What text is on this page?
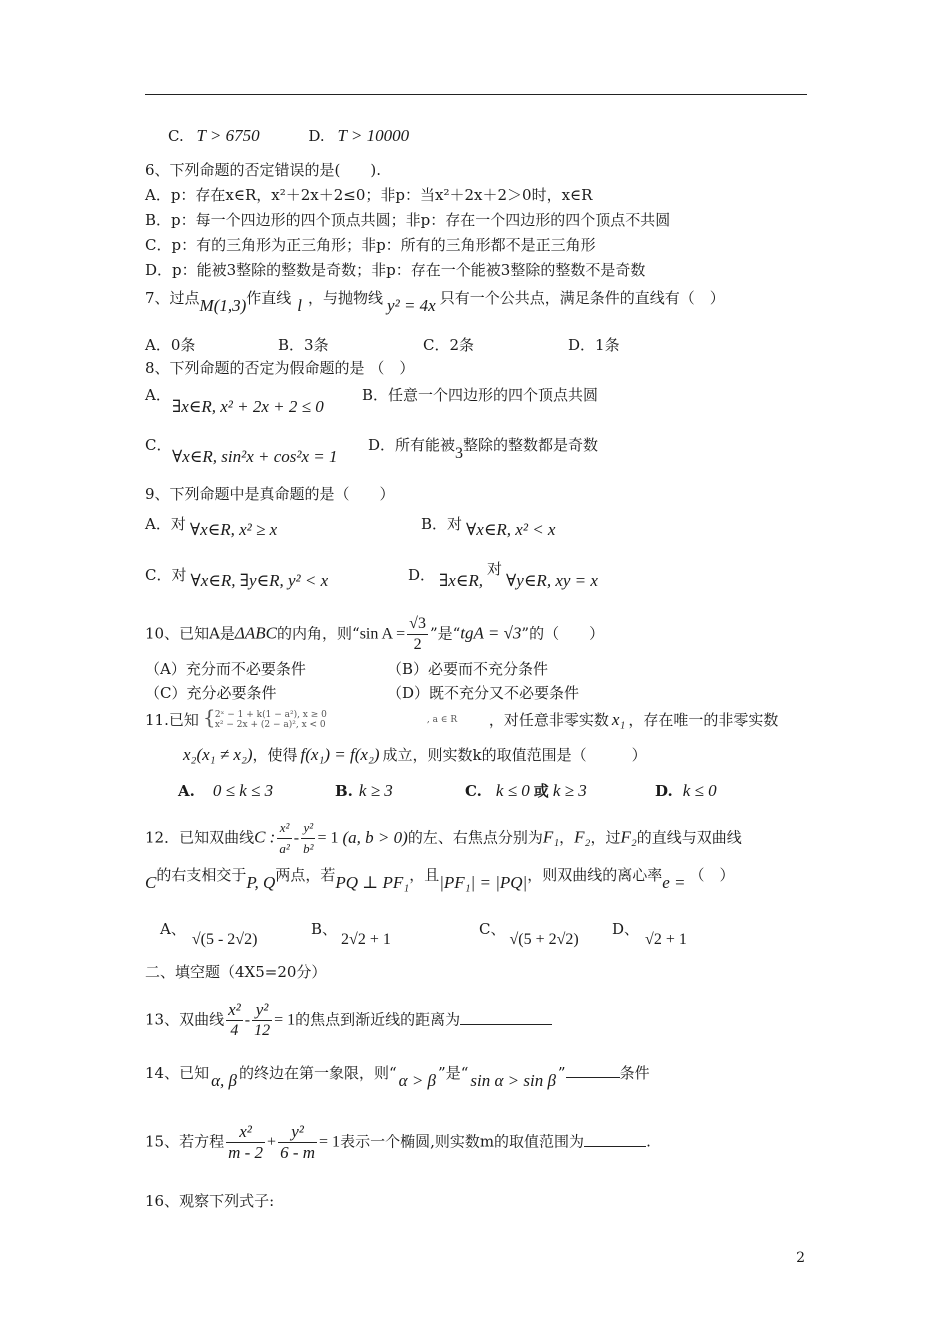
C. T > 6750	D. T > 10000
6、下列命题的否定错误的是(　　).
A．p：存在x∈R，x²＋2x＋2≤0；非p：当x²＋2x＋2＞0时，x∈R
B．p：每一个四边形的四个顶点共圆；非p：存在一个四边形的四个顶点不共圆
C．p：有的三角形为正三角形；非p：所有的三角形都不是正三角形
D．p：能被3整除的整数是奇数；非p：存在一个能被3整除的整数不是奇数
7、过点M(1,3)作直线 l ，与抛物线 y² = 4x 只有一个公共点，满足条件的直线有（　）
A．0条	B．3条	C．2条	D．1条
8、下列命题的否定为假命题的是 （　）
A．
∃x∈R, x² + 2x + 2 ≤ 0
B．任意一个四边形的四个顶点共圆
C．
∀x∈R, sin²x + cos²x = 1
D．所有能被3整除的整数都是奇数
9、下列命题中是真命题的是（　　）
A．对 ∀x∈R, x² ≥ x	B．对 ∀x∈R, x² < x
C．对 ∀x∈R, ∃y∈R, y² < x	D． ∃x∈R,对∀y∈R, xy = x
10、已知A是ΔABC的内角，则“sin $A = \frac{√3}{2}$ ”是“tgA = √3”的（　　）
（A）充分而不必要条件	（B）必要而不充分条件
（C）充分必要条件	（D）既不充分又不必要条件
11.已知 { 2ˣ − 1 + k(1 − a²), x ≥ 0
x² − 2x + (2 − a)², x < 0	, a ∈ R ，对任意非零实数 x₁ ，存在唯一的非零实数
x₂(x₁ ≠ x₂)，使得 f(x₁) = f(x₂) 成立，则实数k的取值范围是（　　　）
A. 0 ≤ k ≤ 3	B. k ≥ 3	C. k ≤ 0 或 k ≥ 3	D. k ≤ 0
12．已知双曲线C : $\frac{\text{x²}}{\text{a²}} - \frac{\text{y²}}{\text{b²}} = 1$ (a, b > 0)的左、右焦点分别为F₁，F₂，过F₂的直线与双曲线
C的右支相交于P, Q两点，若PQ ⊥ PF₁，且|PF₁| = |PQ|，则双曲线的离心率e = （　）
A、√(5 - 2√2)
B、2√2 + 1
C、√(5 + 2√2)
D、√2 + 1
二、填空题（4X5=20分）
13、双曲线 $\frac{\text{x²}}{4} - \frac{\text{y²}}{12} = 1$的焦点到渐近线的距离为
14、已知 α, β 的终边在第一象限，则“ α > β ”是“ sin α > sin β ”	条件
15、若方程 $\frac{\text{x²}}{m - 2} + \frac{\text{y²}}{6 - m} = 1$表示一个椭圆,则实数m的取值范围为	.
16、观察下列式子:
2
